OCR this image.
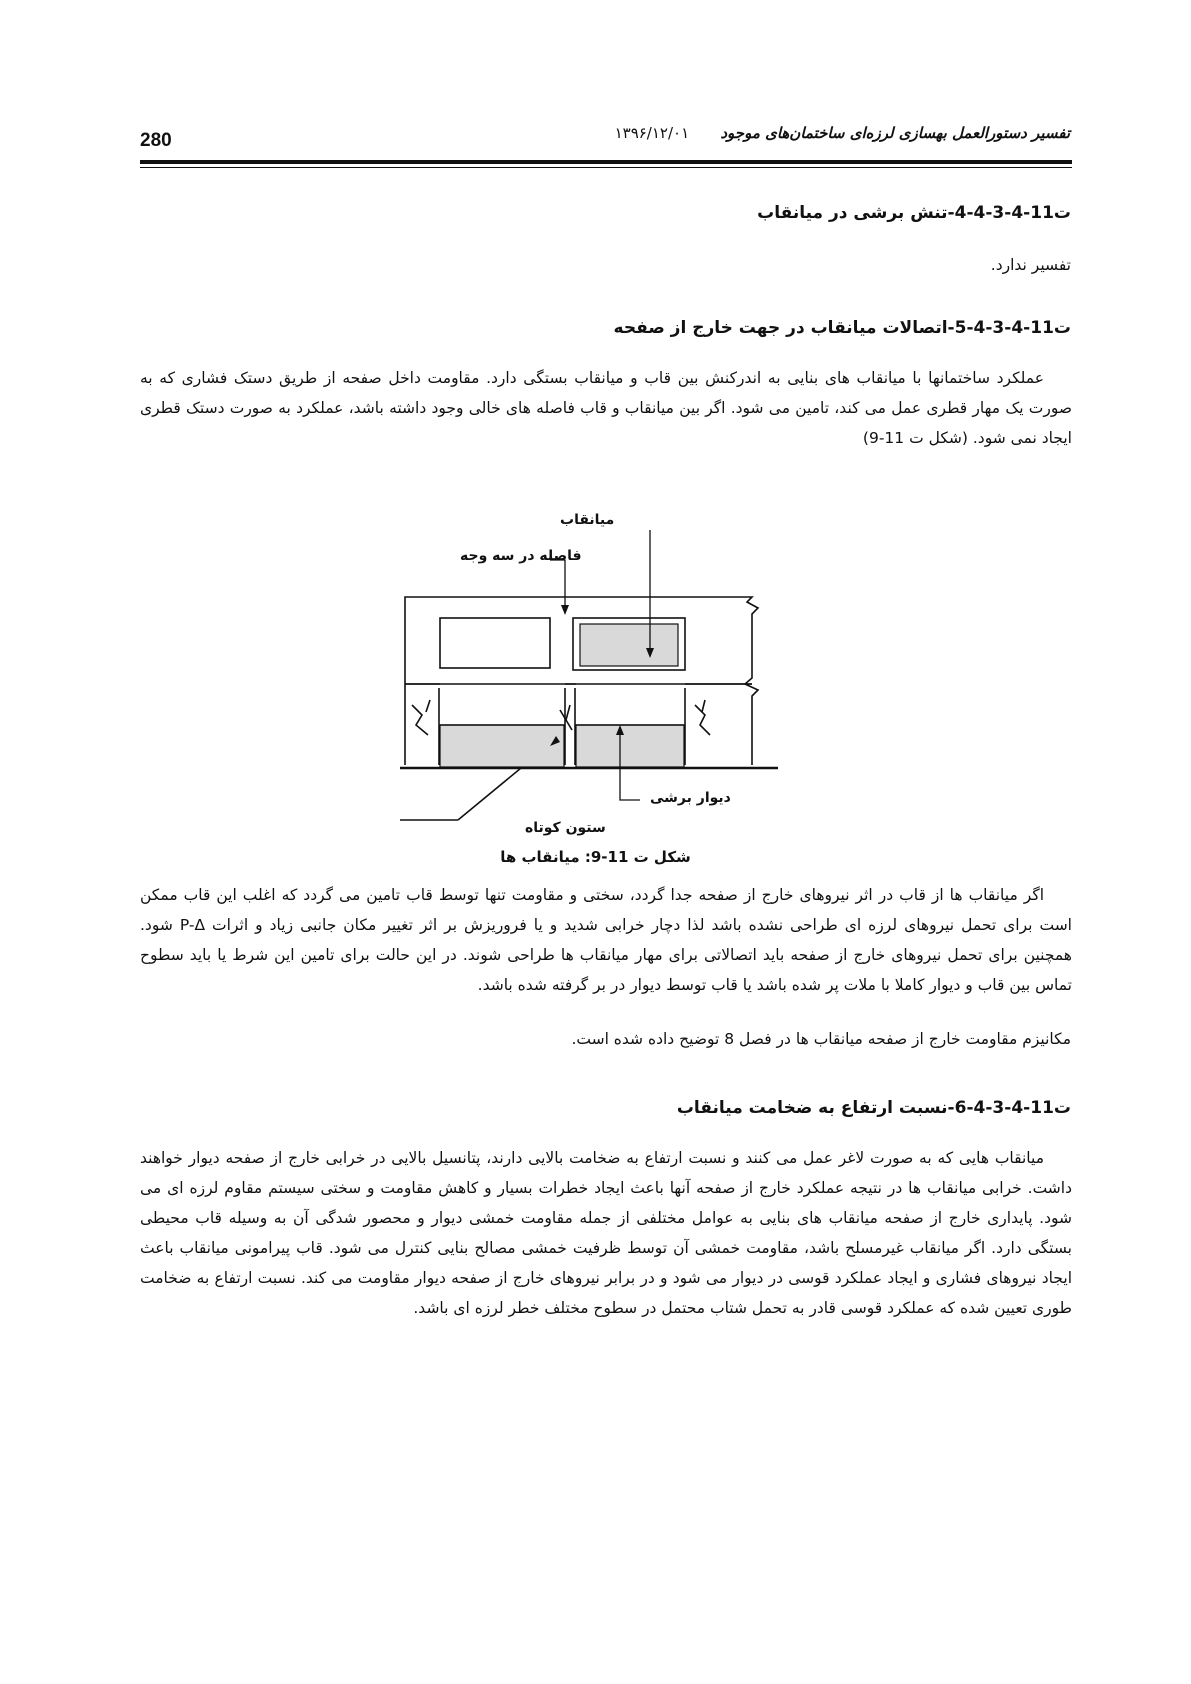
280	تفسیر دستورالعمل بهسازی لرزه‌ای ساختمان‌های موجود ۱۳۹۶/۱۲/۰۱
ت11-4-3-4-4-تنش برشی در میانقاب
تفسیر ندارد.
ت11-4-3-4-5-اتصالات میانقاب در جهت خارج از صفحه
عملکرد ساختمانها با میانقاب های بنایی به اندرکنش بین قاب و میانقاب بستگی دارد. مقاومت داخل صفحه از طریق دستک فشاری که به صورت یک مهار قطری عمل می کند، تامین می شود. اگر بین میانقاب و قاب فاصله های خالی وجود داشته باشد، عملکرد به صورت دستک قطری ایجاد نمی شود. (شکل ت 11-9)
میانقاب
فاصله در سه وجه
دیوار برشی
ستون کوتاه
شکل ت 11-9: میانقاب ها
اگر میانقاب ها از قاب در اثر نیروهای خارج از صفحه جدا گردد، سختی و مقاومت تنها توسط قاب تامین می گردد که اغلب این قاب ممکن است برای تحمل نیروهای لرزه ای طراحی نشده باشد لذا دچار خرابی شدید و یا فروریزش بر اثر تغییر مکان جانبی زیاد و اثرات P-Δ شود. همچنین برای تحمل نیروهای خارج از صفحه باید اتصالاتی برای مهار میانقاب ها طراحی شوند. در این حالت برای تامین این شرط یا باید سطوح تماس بین قاب و دیوار کاملا با ملات پر شده باشد یا قاب توسط دیوار در بر گرفته شده باشد.
مکانیزم مقاومت خارج از صفحه میانقاب ها در فصل 8 توضیح داده شده است.
ت11-4-3-4-6-نسبت ارتفاع به ضخامت میانقاب
میانقاب هایی که به صورت لاغر عمل می کنند و نسبت ارتفاع به ضخامت بالایی دارند، پتانسیل بالایی در خرابی خارج از صفحه دیوار خواهند داشت. خرابی میانقاب ها در نتیجه عملکرد خارج از صفحه آنها باعث ایجاد خطرات بسیار و کاهش مقاومت و سختی سیستم مقاوم لرزه ای می شود. پایداری خارج از صفحه میانقاب های بنایی به عوامل مختلفی از جمله مقاومت خمشی دیوار و محصور شدگی آن به وسیله قاب محیطی بستگی دارد. اگر میانقاب غیرمسلح باشد، مقاومت خمشی آن توسط ظرفیت خمشی مصالح بنایی کنترل می شود. قاب پیرامونی میانقاب باعث ایجاد نیروهای فشاری و ایجاد عملکرد قوسی در دیوار می شود و در برابر نیروهای خارج از صفحه دیوار مقاومت می کند. نسبت ارتفاع به ضخامت طوری تعیین شده که عملکرد قوسی قادر به تحمل شتاب محتمل در سطوح مختلف خطر لرزه ای باشد.
